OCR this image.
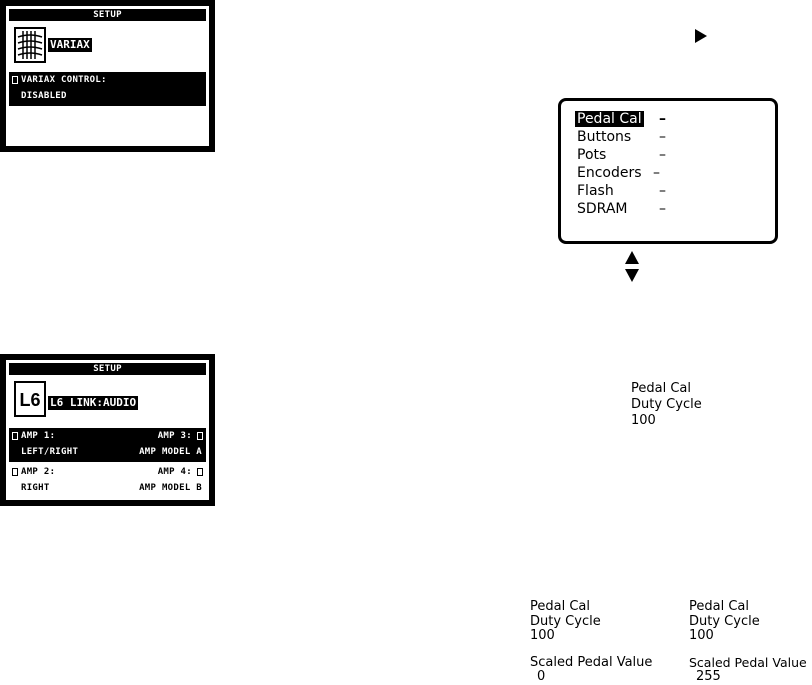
SETUP
VARIAX
VARIAX CONTROL:
DISABLED
SETUP
L6 L6 LINK:AUDIO
AMP 1:
LEFT/RIGHT
AMP 3:
AMP MODEL A
AMP 2:
RIGHT
AMP 4:
AMP MODEL B
Pedal Cal
Buttons
Pots
Encoders
Flash
SDRAM
–
–
–
–
–
–
Pedal Cal
Duty Cycle
100
Pedal Cal
Duty Cycle
100
Scaled Pedal Value
0
Pedal Cal
Duty Cycle
100
Scaled Pedal Value
255
